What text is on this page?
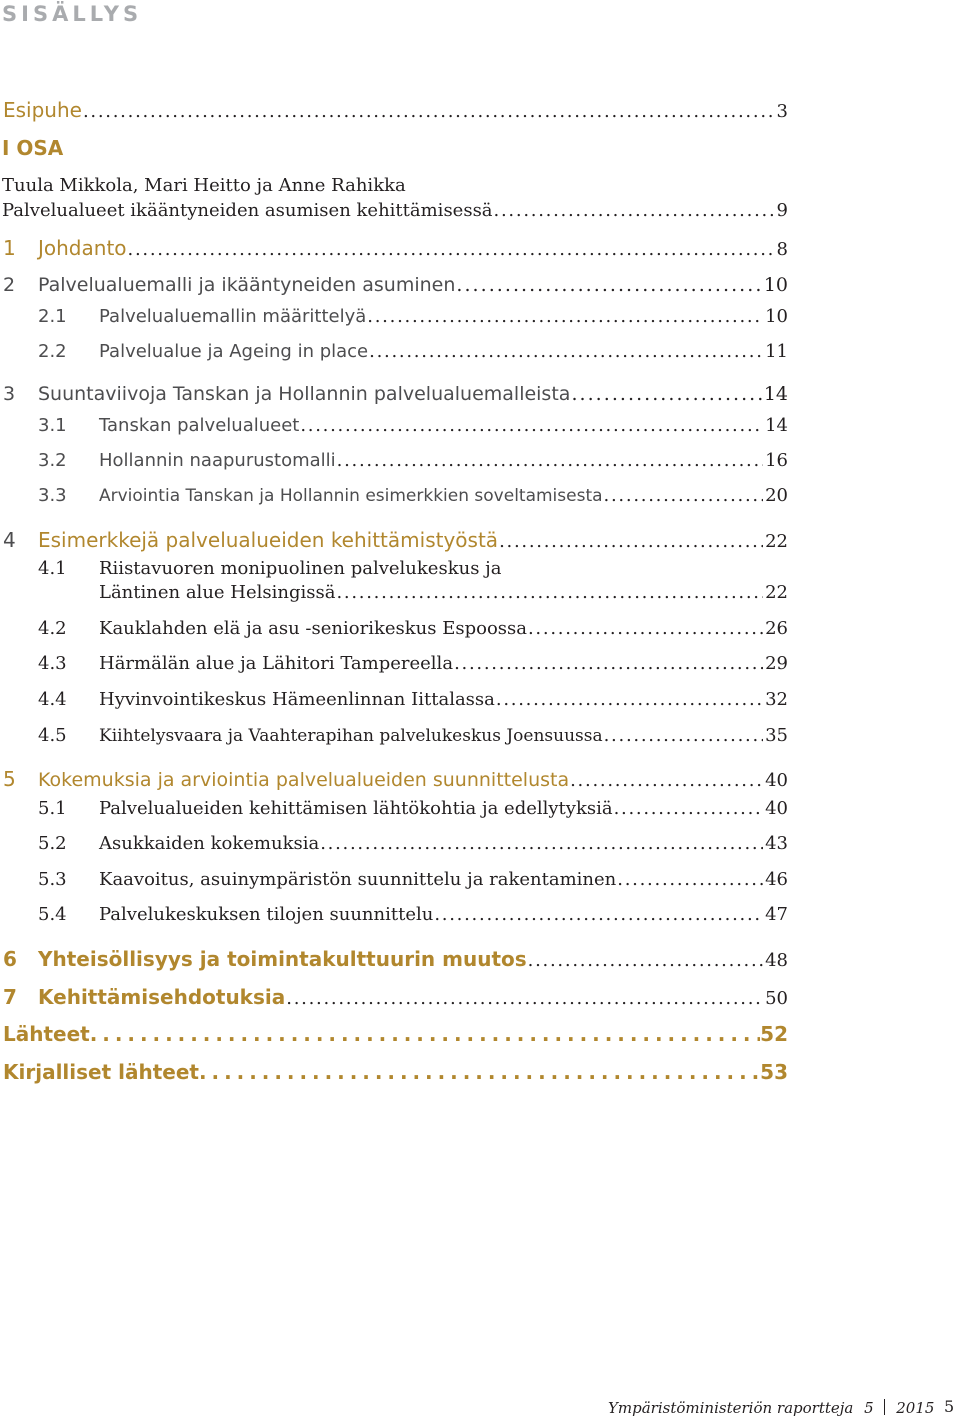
SISÄLLYS
Esipuhe . . .	3
I OSA
Tuula Mikkola, Mari Heitto ja Anne Rahikka
Palvelualueet ikääntyneiden asumisen kehittämisessä . . .	9
1	Johdanto . . .	8
2	Palvelualuemalli ja ikääntyneiden asuminen . . .	10
2.1	Palvelualuemallin määrittelyä . . .	10
2.2	Palvelualue ja Ageing in place . . .	11
3	Suuntaviivoja Tanskan ja Hollannin palvelualuemalleista . . .	14
3.1	Tanskan palvelualueet . . .	14
3.2	Hollannin naapurustomalli . . .	16
3.3	Arviointia Tanskan ja Hollannin esimerkkien soveltamisesta . . .	20
4	Esimerkkejä palvelualueiden kehittämistyöstä . . .	22
4.1 Riistavuoren monipuolinen palvelukeskus ja
Läntinen alue Helsingissä . . .	22
4.2	Kauklahden elä ja asu -seniorikeskus Espoossa . . .	26
4.3	Härmälän alue ja Lähitori Tampereella . . .	29
4.4	Hyvinvointikeskus Hämeenlinnan Iittalassa . . .	32
4.5	Kiihtelysvaara ja Vaahterapihan palvelukeskus Joensuussa . . .	35
5	Kokemuksia ja arviointia palvelualueiden suunnittelusta . . .	40
5.1	Palvelualueiden kehittämisen lähtökohtia ja edellytyksiä . . .	40
5.2	Asukkaiden kokemuksia . . .	43
5.3	Kaavoitus, asuinympäristön suunnittelu ja rakentaminen . . .	46
5.4	Palvelukeskuksen tilojen suunnittelu . . .	47
6	Yhteisöllisyys ja toimintakulttuurin muutos . . .	48
7	Kehittämisehdotuksia . . .	50
Lähteet . . .	52
Kirjalliset lähteet . . .	53
Ympäristöministeriön raportteja 5 2015 5
